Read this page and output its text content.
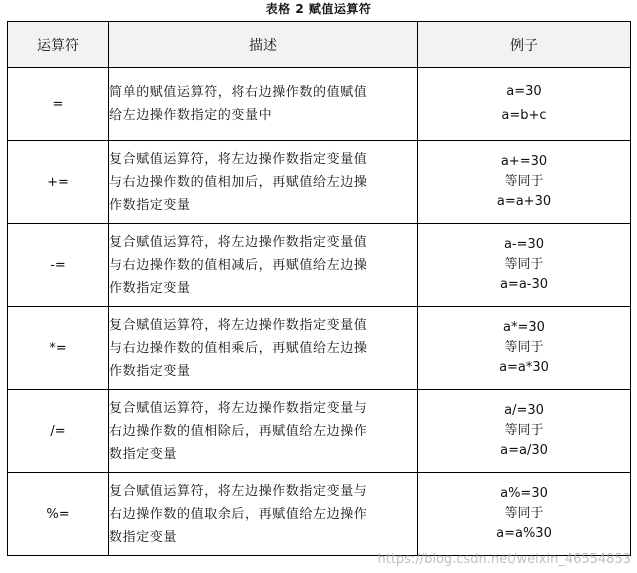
表格 2 赋值运算符
运算符	描述	例子
=	简单的赋值运算符，将右边操作数的值赋值
给左边操作数指定的变量中	a=30
a=b+c

+=	复合赋值运算符，将左边操作数指定变量值
与右边操作数的值相加后，再赋值给左边操
作数指定变量	a+=30
等同于
a=a+30

-=	复合赋值运算符，将左边操作数指定变量值
与右边操作数的值相减后，再赋值给左边操
作数指定变量	a-=30
等同于
a=a-30

*=	复合赋值运算符，将左边操作数指定变量值
与右边操作数的值相乘后，再赋值给左边操
作数指定变量	a*=30
等同于
a=a*30

/=	复合赋值运算符，将左边操作数指定变量与
右边操作数的值相除后，再赋值给左边操作
数指定变量	a/=30
等同于
a=a/30

%=	复合赋值运算符，将左边操作数指定变量与
右边操作数的值取余后，再赋值给左边操作
数指定变量	a%=30
等同于
a=a%30
https://blog.csdn.net/weixin_46554853
